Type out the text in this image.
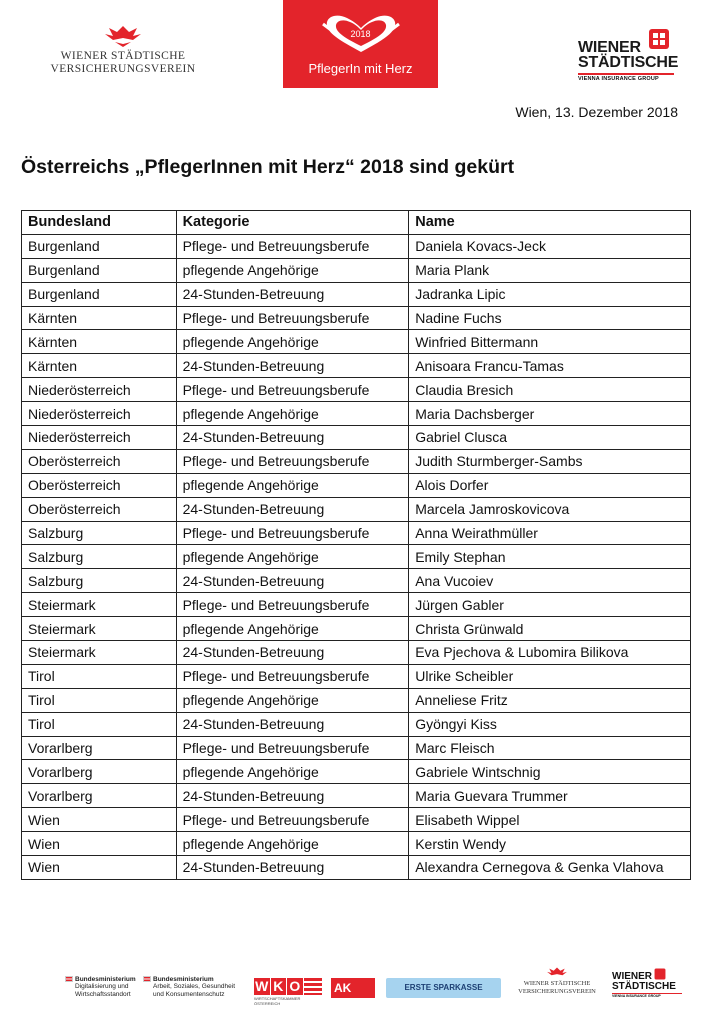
WIENER STÄDTISCHE
VERSICHERUNGSVEREIN	PflegerIn mit Herz
2018
WIENER
STÄDTISCHE
VIENNA INSURANCE GROUP
Wien, 13. Dezember 2018
Österreichs „PflegerInnen mit Herz“ 2018 sind gekürt
Bundesland	Kategorie	Name
Burgenland	Pflege- und Betreuungsberufe	Daniela Kovacs-Jeck
Burgenland	pflegende Angehörige	Maria Plank
Burgenland	24-Stunden-Betreuung	Jadranka Lipic
Kärnten	Pflege- und Betreuungsberufe	Nadine Fuchs
Kärnten	pflegende Angehörige	Winfried Bittermann
Kärnten	24-Stunden-Betreuung	Anisoara Francu-Tamas
Niederösterreich	Pflege- und Betreuungsberufe	Claudia Bresich
Niederösterreich	pflegende Angehörige	Maria Dachsberger
Niederösterreich	24-Stunden-Betreuung	Gabriel Clusca
Oberösterreich	Pflege- und Betreuungsberufe	Judith Sturmberger-Sambs
Oberösterreich	pflegende Angehörige	Alois Dorfer
Oberösterreich	24-Stunden-Betreuung	Marcela Jamroskovicova
Salzburg	Pflege- und Betreuungsberufe	Anna Weirathmüller
Salzburg	pflegende Angehörige	Emily Stephan
Salzburg	24-Stunden-Betreuung	Ana Vucoiev
Steiermark	Pflege- und Betreuungsberufe	Jürgen Gabler
Steiermark	pflegende Angehörige	Christa Grünwald
Steiermark	24-Stunden-Betreuung	Eva Pjechova & Lubomira Bilikova
Tirol	Pflege- und Betreuungsberufe	Ulrike Scheibler
Tirol	pflegende Angehörige	Anneliese Fritz
Tirol	24-Stunden-Betreuung	Gyöngyi Kiss
Vorarlberg	Pflege- und Betreuungsberufe	Marc Fleisch
Vorarlberg	pflegende Angehörige	Gabriele Wintschnig
Vorarlberg	24-Stunden-Betreuung	Maria Guevara Trummer
Wien	Pflege- und Betreuungsberufe	Elisabeth Wippel
Wien	pflegende Angehörige	Kerstin Wendy
Wien	24-Stunden-Betreuung	Alexandra Cernegova & Genka Vlahova
Bundesministerium
Digitalisierung und
Wirtschaftsstandort
Bundesministerium
Arbeit, Soziales, Gesundheit
und Konsumentenschutz
W K O
WIRTSCHAFTSKAMMER ÖSTERREICH
AK Österreich
ERSTE SPARKASSE	WIENER STÄDTISCHE
VERSICHERUNGSVEREIN
WIENER
STÄDTISCHE
VIENNA INSURANCE GROUP
